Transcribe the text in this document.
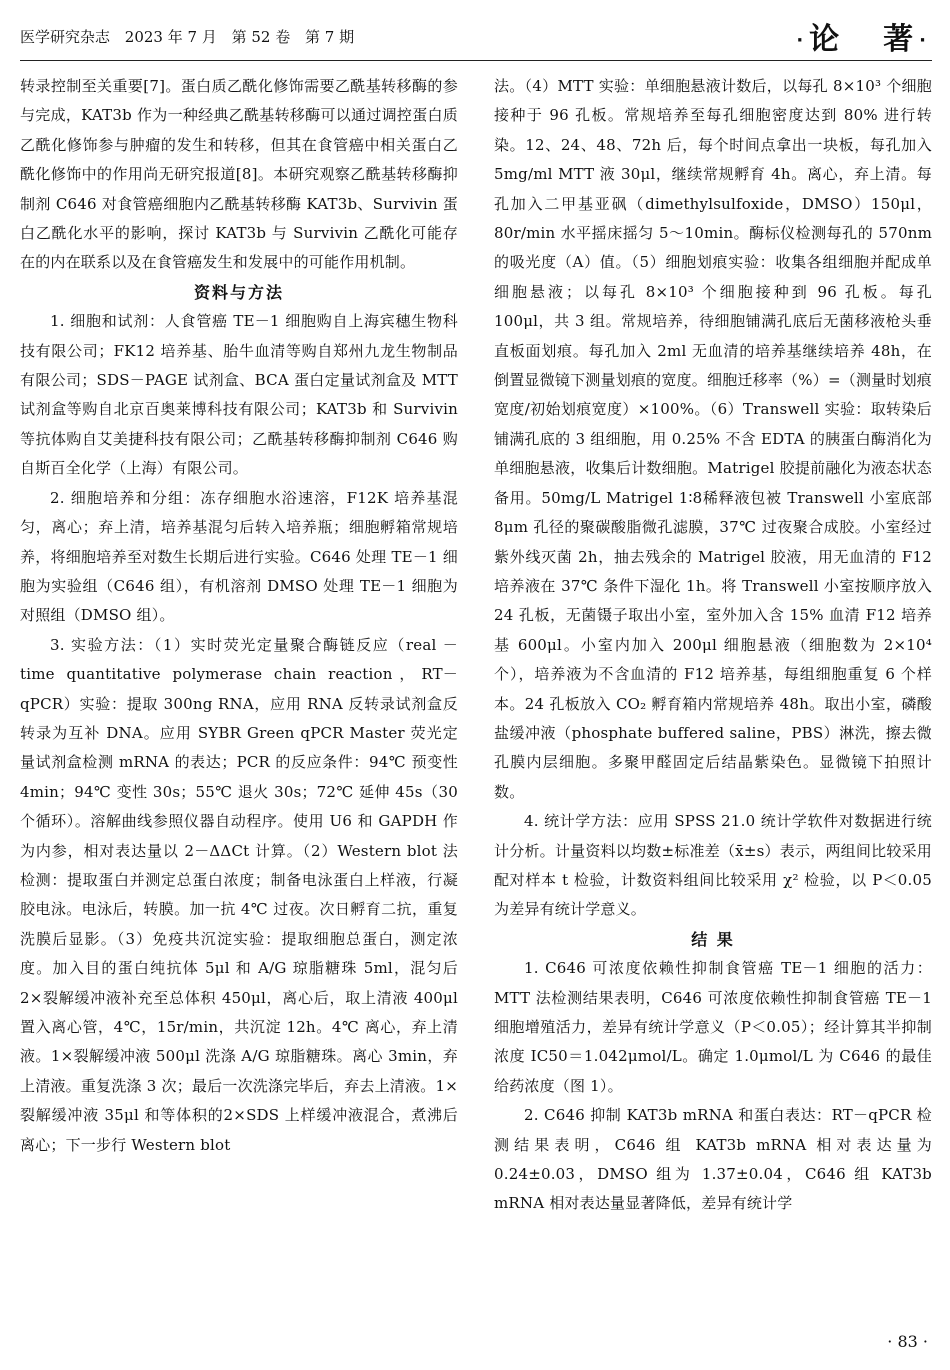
医学研究杂志 2023 年 7 月 第 52 卷 第 7 期	· 论 著 ·

转录控制至关重要[7]。蛋白质乙酰化修饰需要乙酰基转移酶的参与完成，KAT3b 作为一种经典乙酰基转移酶可以通过调控蛋白质乙酰化修饰参与肿瘤的发生和转移，但其在食管癌中相关蛋白乙酰化修饰中的作用尚无研究报道[8]。本研究观察乙酰基转移酶抑制剂 C646 对食管癌细胞内乙酰基转移酶 KAT3b、Survivin 蛋白乙酰化水平的影响，探讨 KAT3b 与 Survivin 乙酰化可能存在的内在联系以及在食管癌发生和发展中的可能作用机制。

资料与方法

1. 细胞和试剂：人食管癌 TE－1 细胞购自上海宾穗生物科技有限公司；FK12 培养基、胎牛血清等购自郑州九龙生物制品有限公司；SDS－PAGE 试剂盒、BCA 蛋白定量试剂盒及 MTT 试剂盒等购自北京百奥莱博科技有限公司；KAT3b 和 Survivin 等抗体购自艾美捷科技有限公司；乙酰基转移酶抑制剂 C646 购自斯百全化学（上海）有限公司。

2. 细胞培养和分组：冻存细胞水浴速溶，F12K 培养基混匀，离心；弃上清，培养基混匀后转入培养瓶；细胞孵箱常规培养，将细胞培养至对数生长期后进行实验。C646 处理 TE－1 细胞为实验组（C646 组），有机溶剂 DMSO 处理 TE－1 细胞为对照组（DMSO 组）。

3. 实验方法：（1）实时荧光定量聚合酶链反应（real － time quantitative polymerase chain reaction，RT－qPCR）实验：提取 300ng RNA，应用 RNA 反转录试剂盒反转录为互补 DNA。应用 SYBR Green qPCR Master 荧光定量试剂盒检测 mRNA 的表达；PCR 的反应条件：94℃ 预变性 4min；94℃ 变性 30s；55℃ 退火 30s；72℃ 延伸 45s（30 个循环）。溶解曲线参照仪器自动程序。使用 U6 和 GAPDH 作为内参，相对表达量以 2－ΔΔCt 计算。（2）Western blot 法检测：提取蛋白并测定总蛋白浓度；制备电泳蛋白上样液，行凝胶电泳。电泳后，转膜。加一抗 4℃ 过夜。次日孵育二抗，重复洗膜后显影。（3）免疫共沉淀实验：提取细胞总蛋白，测定浓度。加入目的蛋白纯抗体 5μl 和 A/G 琼脂糖珠 5ml，混匀后 2×裂解缓冲液补充至总体积 450μl，离心后，取上清液 400μl 置入离心管，4℃，15r/min，共沉淀 12h。4℃ 离心，弃上清液。1×裂解缓冲液 500μl 洗涤 A/G 琼脂糖珠。离心 3min，弃上清液。重复洗涤 3 次；最后一次洗涤完毕后，弃去上清液。1×裂解缓冲液 35μl 和等体积的2×SDS 上样缓冲液混合，煮沸后离心；下一步行 Western blot

法。（4）MTT 实验：单细胞悬液计数后，以每孔 8×10³ 个细胞接种于 96 孔板。常规培养至每孔细胞密度达到 80% 进行转染。12、24、48、72h 后，每个时间点拿出一块板，每孔加入 5mg/ml MTT 液 30μl，继续常规孵育 4h。离心，弃上清。每孔加入二甲基亚砜（dimethylsulfoxide，DMSO）150μl，80r/min 水平摇床摇匀 5～10min。酶标仪检测每孔的 570nm 的吸光度（A）值。（5）细胞划痕实验：收集各组细胞并配成单细胞悬液；以每孔 8×10³ 个细胞接种到 96 孔板。每孔 100μl，共 3 组。常规培养，待细胞铺满孔底后无菌移液枪头垂直板面划痕。每孔加入 2ml 无血清的培养基继续培养 48h，在倒置显微镜下测量划痕的宽度。细胞迁移率（%）=（测量时划痕宽度/初始划痕宽度）×100%。（6）Transwell 实验：取转染后铺满孔底的 3 组细胞，用 0.25% 不含 EDTA 的胰蛋白酶消化为单细胞悬液，收集后计数细胞。Matrigel 胶提前融化为液态状态备用。50mg/L Matrigel 1∶8稀释液包被 Transwell 小室底部 8μm 孔径的聚碳酸脂微孔滤膜，37℃ 过夜聚合成胶。小室经过紫外线灭菌 2h，抽去残余的 Matrigel 胶液，用无血清的 F12 培养液在 37℃ 条件下湿化 1h。将 Transwell 小室按顺序放入 24 孔板，无菌镊子取出小室，室外加入含 15% 血清 F12 培养基 600μl。小室内加入 200μl 细胞悬液（细胞数为 2×10⁴ 个），培养液为不含血清的 F12 培养基，每组细胞重复 6 个样本。24 孔板放入 CO₂ 孵育箱内常规培养 48h。取出小室，磷酸盐缓冲液（phosphate buffered saline，PBS）淋洗，擦去微孔膜内层细胞。多聚甲醛固定后结晶紫染色。显微镜下拍照计数。

4. 统计学方法：应用 SPSS 21.0 统计学软件对数据进行统计分析。计量资料以均数±标准差（x̄±s）表示，两组间比较采用配对样本 t 检验，计数资料组间比较采用 χ² 检验，以 P＜0.05 为差异有统计学意义。

结 果

1. C646 可浓度依赖性抑制食管癌 TE－1 细胞的活力：MTT 法检测结果表明，C646 可浓度依赖性抑制食管癌 TE－1 细胞增殖活力，差异有统计学意义（P＜0.05）；经计算其半抑制浓度 IC50＝1.042μmol/L。确定 1.0μmol/L 为 C646 的最佳给药浓度（图 1）。

2. C646 抑制 KAT3b mRNA 和蛋白表达：RT－qPCR 检测结果表明，C646 组 KAT3b mRNA 相对表达量为 0.24±0.03，DMSO 组为 1.37±0.04，C646 组 KAT3b mRNA 相对表达量显著降低，差异有统计学

· 83 ·
